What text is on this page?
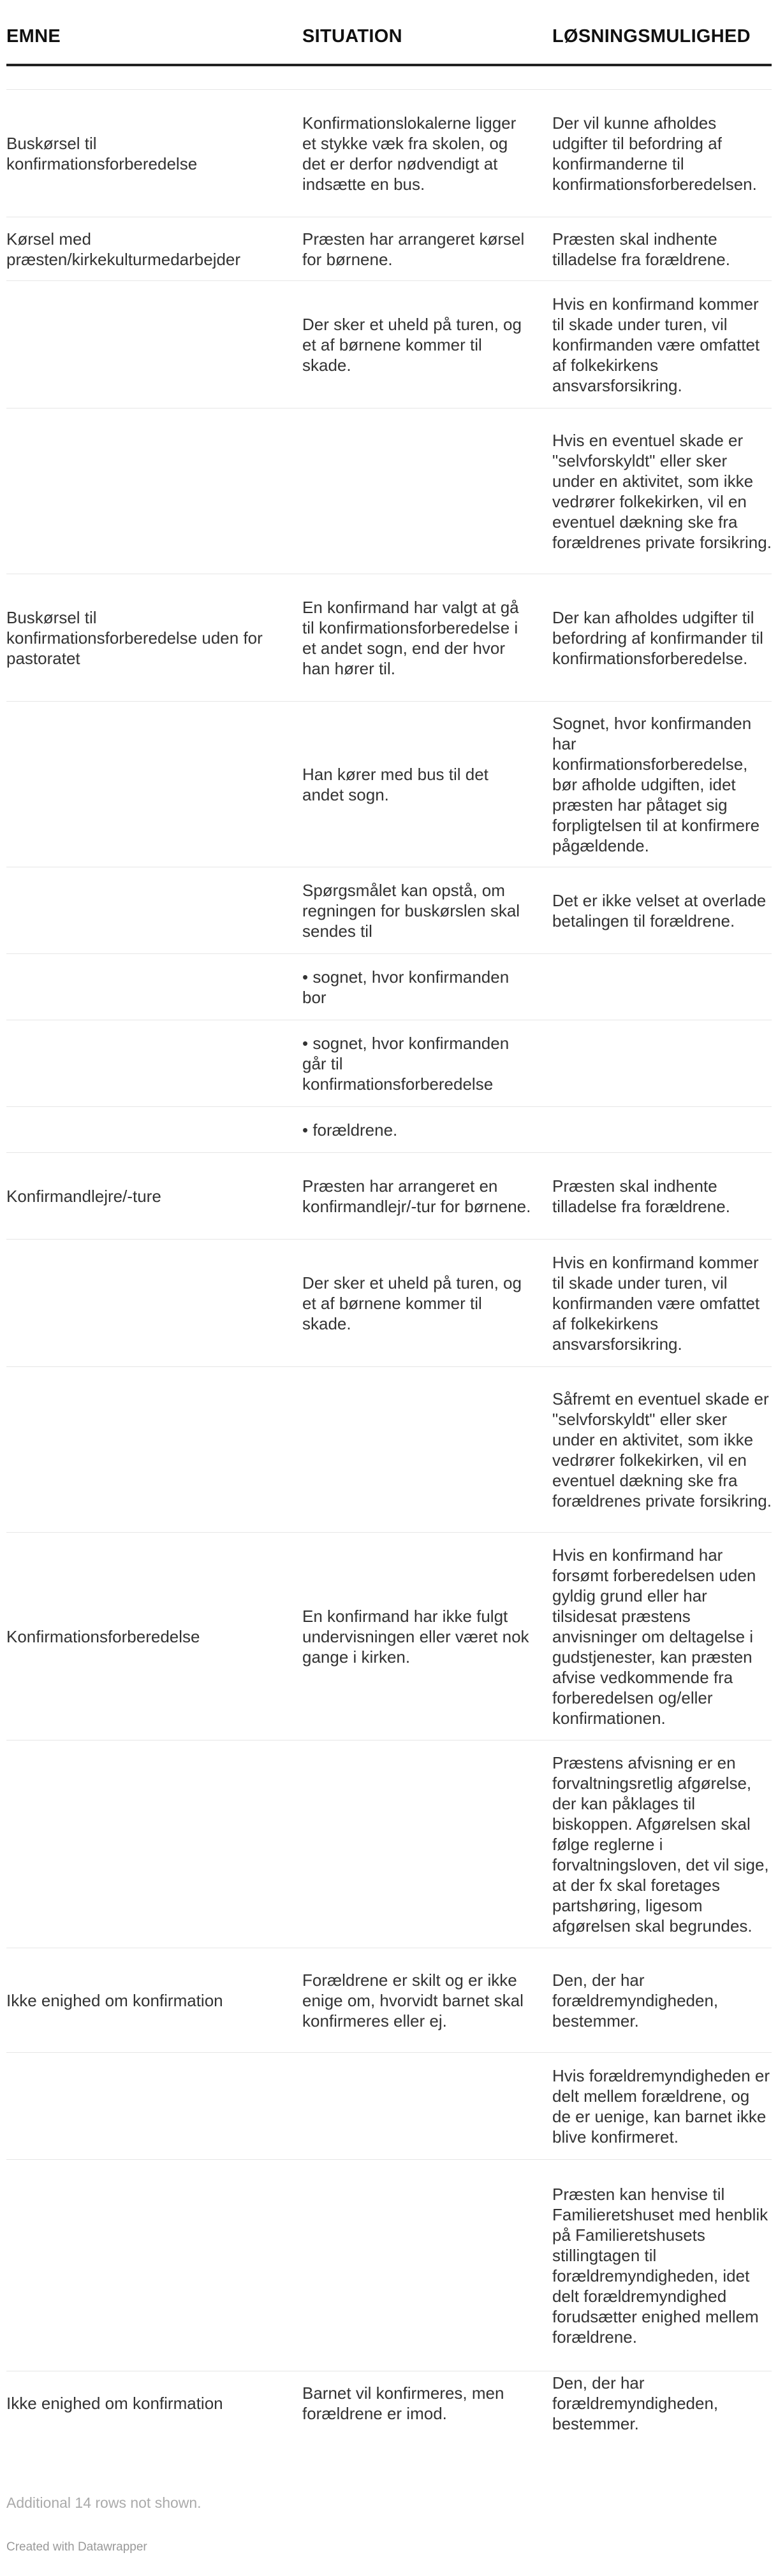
EMNE	SITUATION	LØSNINGSMULIGHED

Buskørsel til konfirmationsforberedelse	Konfirmationslokalerne ligger et stykke væk fra skolen, og det er derfor nødvendigt at indsætte en bus.	Der vil kunne afholdes udgifter til befordring af konfirmanderne til konfirmationsforberedelsen.
Kørsel med præsten/kirkekulturmedarbejder	Præsten har arrangeret kørsel for børnene.	Præsten skal indhente tilladelse fra forældrene.
	Der sker et uheld på turen, og et af børnene kommer til skade.	Hvis en konfirmand kommer til skade under turen, vil konfirmanden være omfattet af folkekirkens ansvarsforsikring.
		Hvis en eventuel skade er "selvforskyldt" eller sker under en aktivitet, som ikke vedrører folkekirken, vil en eventuel dækning ske fra forældrenes private forsikring.
Buskørsel til konfirmationsforberedelse uden for pastoratet	En konfirmand har valgt at gå til konfirmationsforberedelse i et andet sogn, end der hvor han hører til.	Der kan afholdes udgifter til befordring af konfirmander til konfirmationsforberedelse.
	Han kører med bus til det andet sogn.	Sognet, hvor konfirmanden har konfirmationsforberedelse, bør afholde udgiften, idet præsten har påtaget sig forpligtelsen til at konfirmere pågældende.
	Spørgsmålet kan opstå, om regningen for buskørslen skal sendes til	Det er ikke velset at overlade betalingen til forældrene.
	• sognet, hvor konfirmanden bor	
	• sognet, hvor konfirmanden går til konfirmationsforberedelse	
	• forældrene.	
Konfirmandlejre/-ture	Præsten har arrangeret en konfirmandlejr/-tur for børnene.	Præsten skal indhente tilladelse fra forældrene.
	Der sker et uheld på turen, og et af børnene kommer til skade.	Hvis en konfirmand kommer til skade under turen, vil konfirmanden være omfattet af folkekirkens ansvarsforsikring.
		Såfremt en eventuel skade er "selvforskyldt" eller sker under en aktivitet, som ikke vedrører folkekirken, vil en eventuel dækning ske fra forældrenes private forsikring.
Konfirmationsforberedelse	En konfirmand har ikke fulgt undervisningen eller været nok gange i kirken.	Hvis en konfirmand har forsømt forberedelsen uden gyldig grund eller har tilsidesat præstens anvisninger om deltagelse i gudstjenester, kan præsten afvise vedkommende fra forberedelsen og/eller konfirmationen.
		Præstens afvisning er en forvaltningsretlig afgørelse, der kan påklages til biskoppen. Afgørelsen skal følge reglerne i forvaltningsloven, det vil sige, at der fx skal foretages partshøring, ligesom afgørelsen skal begrundes.
Ikke enighed om konfirmation	Forældrene er skilt og er ikke enige om, hvorvidt barnet skal konfirmeres eller ej.	Den, der har forældremyndigheden, bestemmer.
		Hvis forældremyndigheden er delt mellem forældrene, og de er uenige, kan barnet ikke blive konfirmeret.
		Præsten kan henvise til Familieretshuset med henblik på Familieretshusets stillingtagen til forældremyndigheden, idet delt forældremyndighed forudsætter enighed mellem forældrene.
Ikke enighed om konfirmation	Barnet vil konfirmeres, men forældrene er imod.	Den, der har forældremyndigheden, bestemmer.
Additional 14 rows not shown.
Created with Datawrapper
